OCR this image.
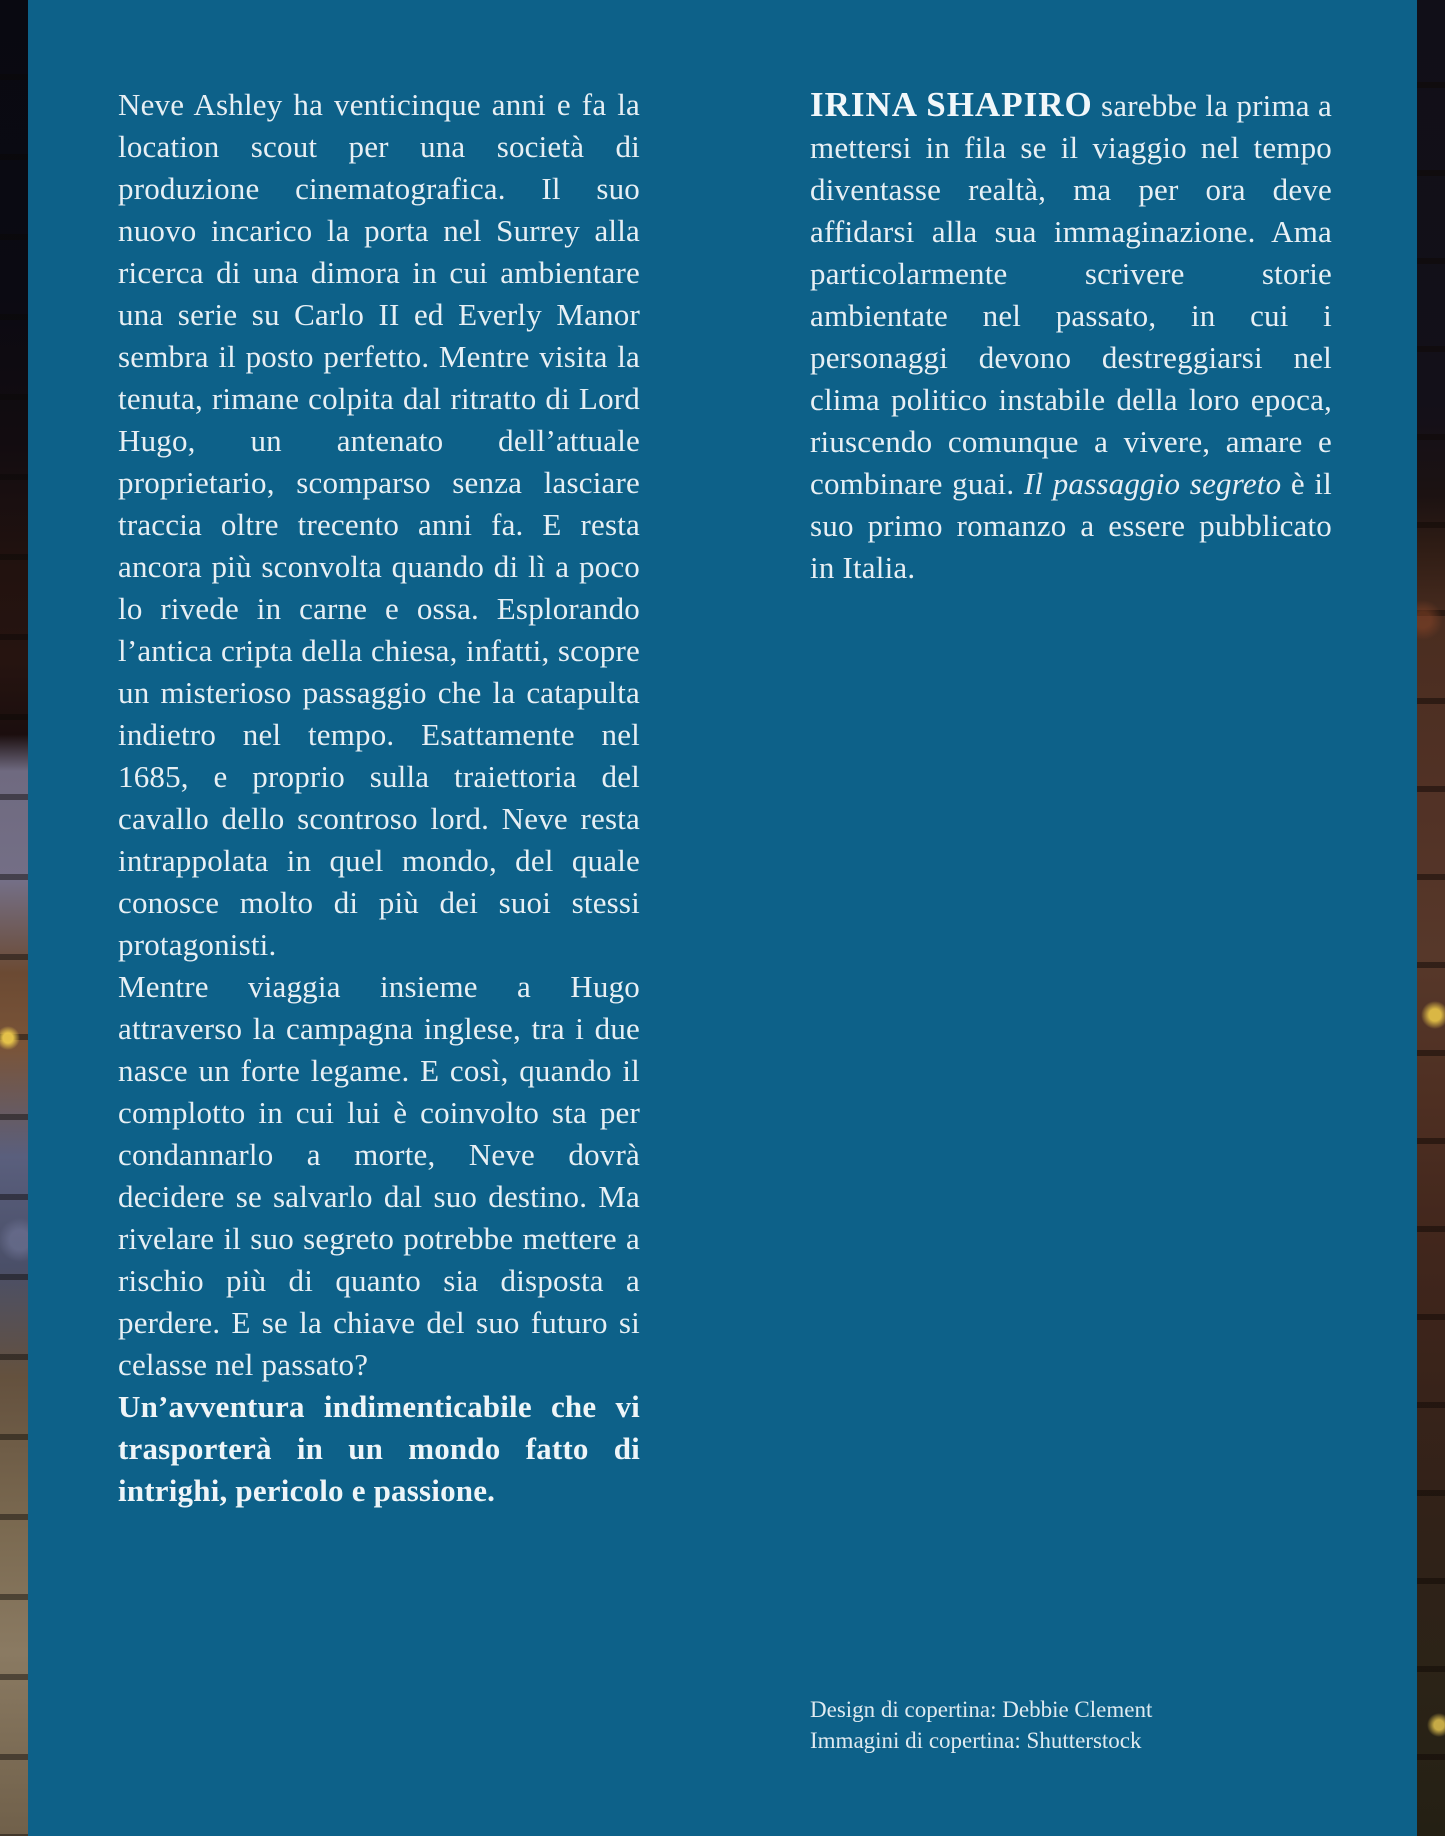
Neve Ashley ha venticinque anni e fa la location scout per una società di produzione cinematografica. Il suo nuovo incarico la porta nel Surrey alla ricerca di una dimora in cui ambientare una serie su Carlo II ed Everly Manor sembra il posto perfetto. Mentre visita la tenuta, rimane colpita dal ritratto di Lord Hugo, un antenato dell’attuale proprietario, scomparso senza lasciare traccia oltre trecento anni fa. E resta ancora più sconvolta quando di lì a poco lo rivede in carne e ossa. Esplorando l’antica cripta della chiesa, infatti, scopre un misterioso passaggio che la catapulta indietro nel tempo. Esattamente nel 1685, e proprio sulla traiettoria del cavallo dello scontroso lord. Neve resta intrappolata in quel mondo, del quale conosce molto di più dei suoi stessi protagonisti.

Mentre viaggia insieme a Hugo attraverso la campagna inglese, tra i due nasce un forte legame. E così, quando il complotto in cui lui è coinvolto sta per condannarlo a morte, Neve dovrà decidere se salvarlo dal suo destino. Ma rivelare il suo segreto potrebbe mettere a rischio più di quanto sia disposta a perdere. E se la chiave del suo futuro si celasse nel passato?

Un’avventura indimenticabile che vi trasporterà in un mondo fatto di intrighi, pericolo e passione.

IRINA SHAPIRO sarebbe la prima a mettersi in fila se il viaggio nel tempo diventasse realtà, ma per ora deve affidarsi alla sua immaginazione. Ama particolarmente scrivere storie ambientate nel passato, in cui i personaggi devono destreggiarsi nel clima politico instabile della loro epoca, riuscendo comunque a vivere, amare e combinare guai. Il passaggio segreto è il suo primo romanzo a essere pubblicato in Italia.

Design di copertina: Debbie Clement
Immagini di copertina: Shutterstock
